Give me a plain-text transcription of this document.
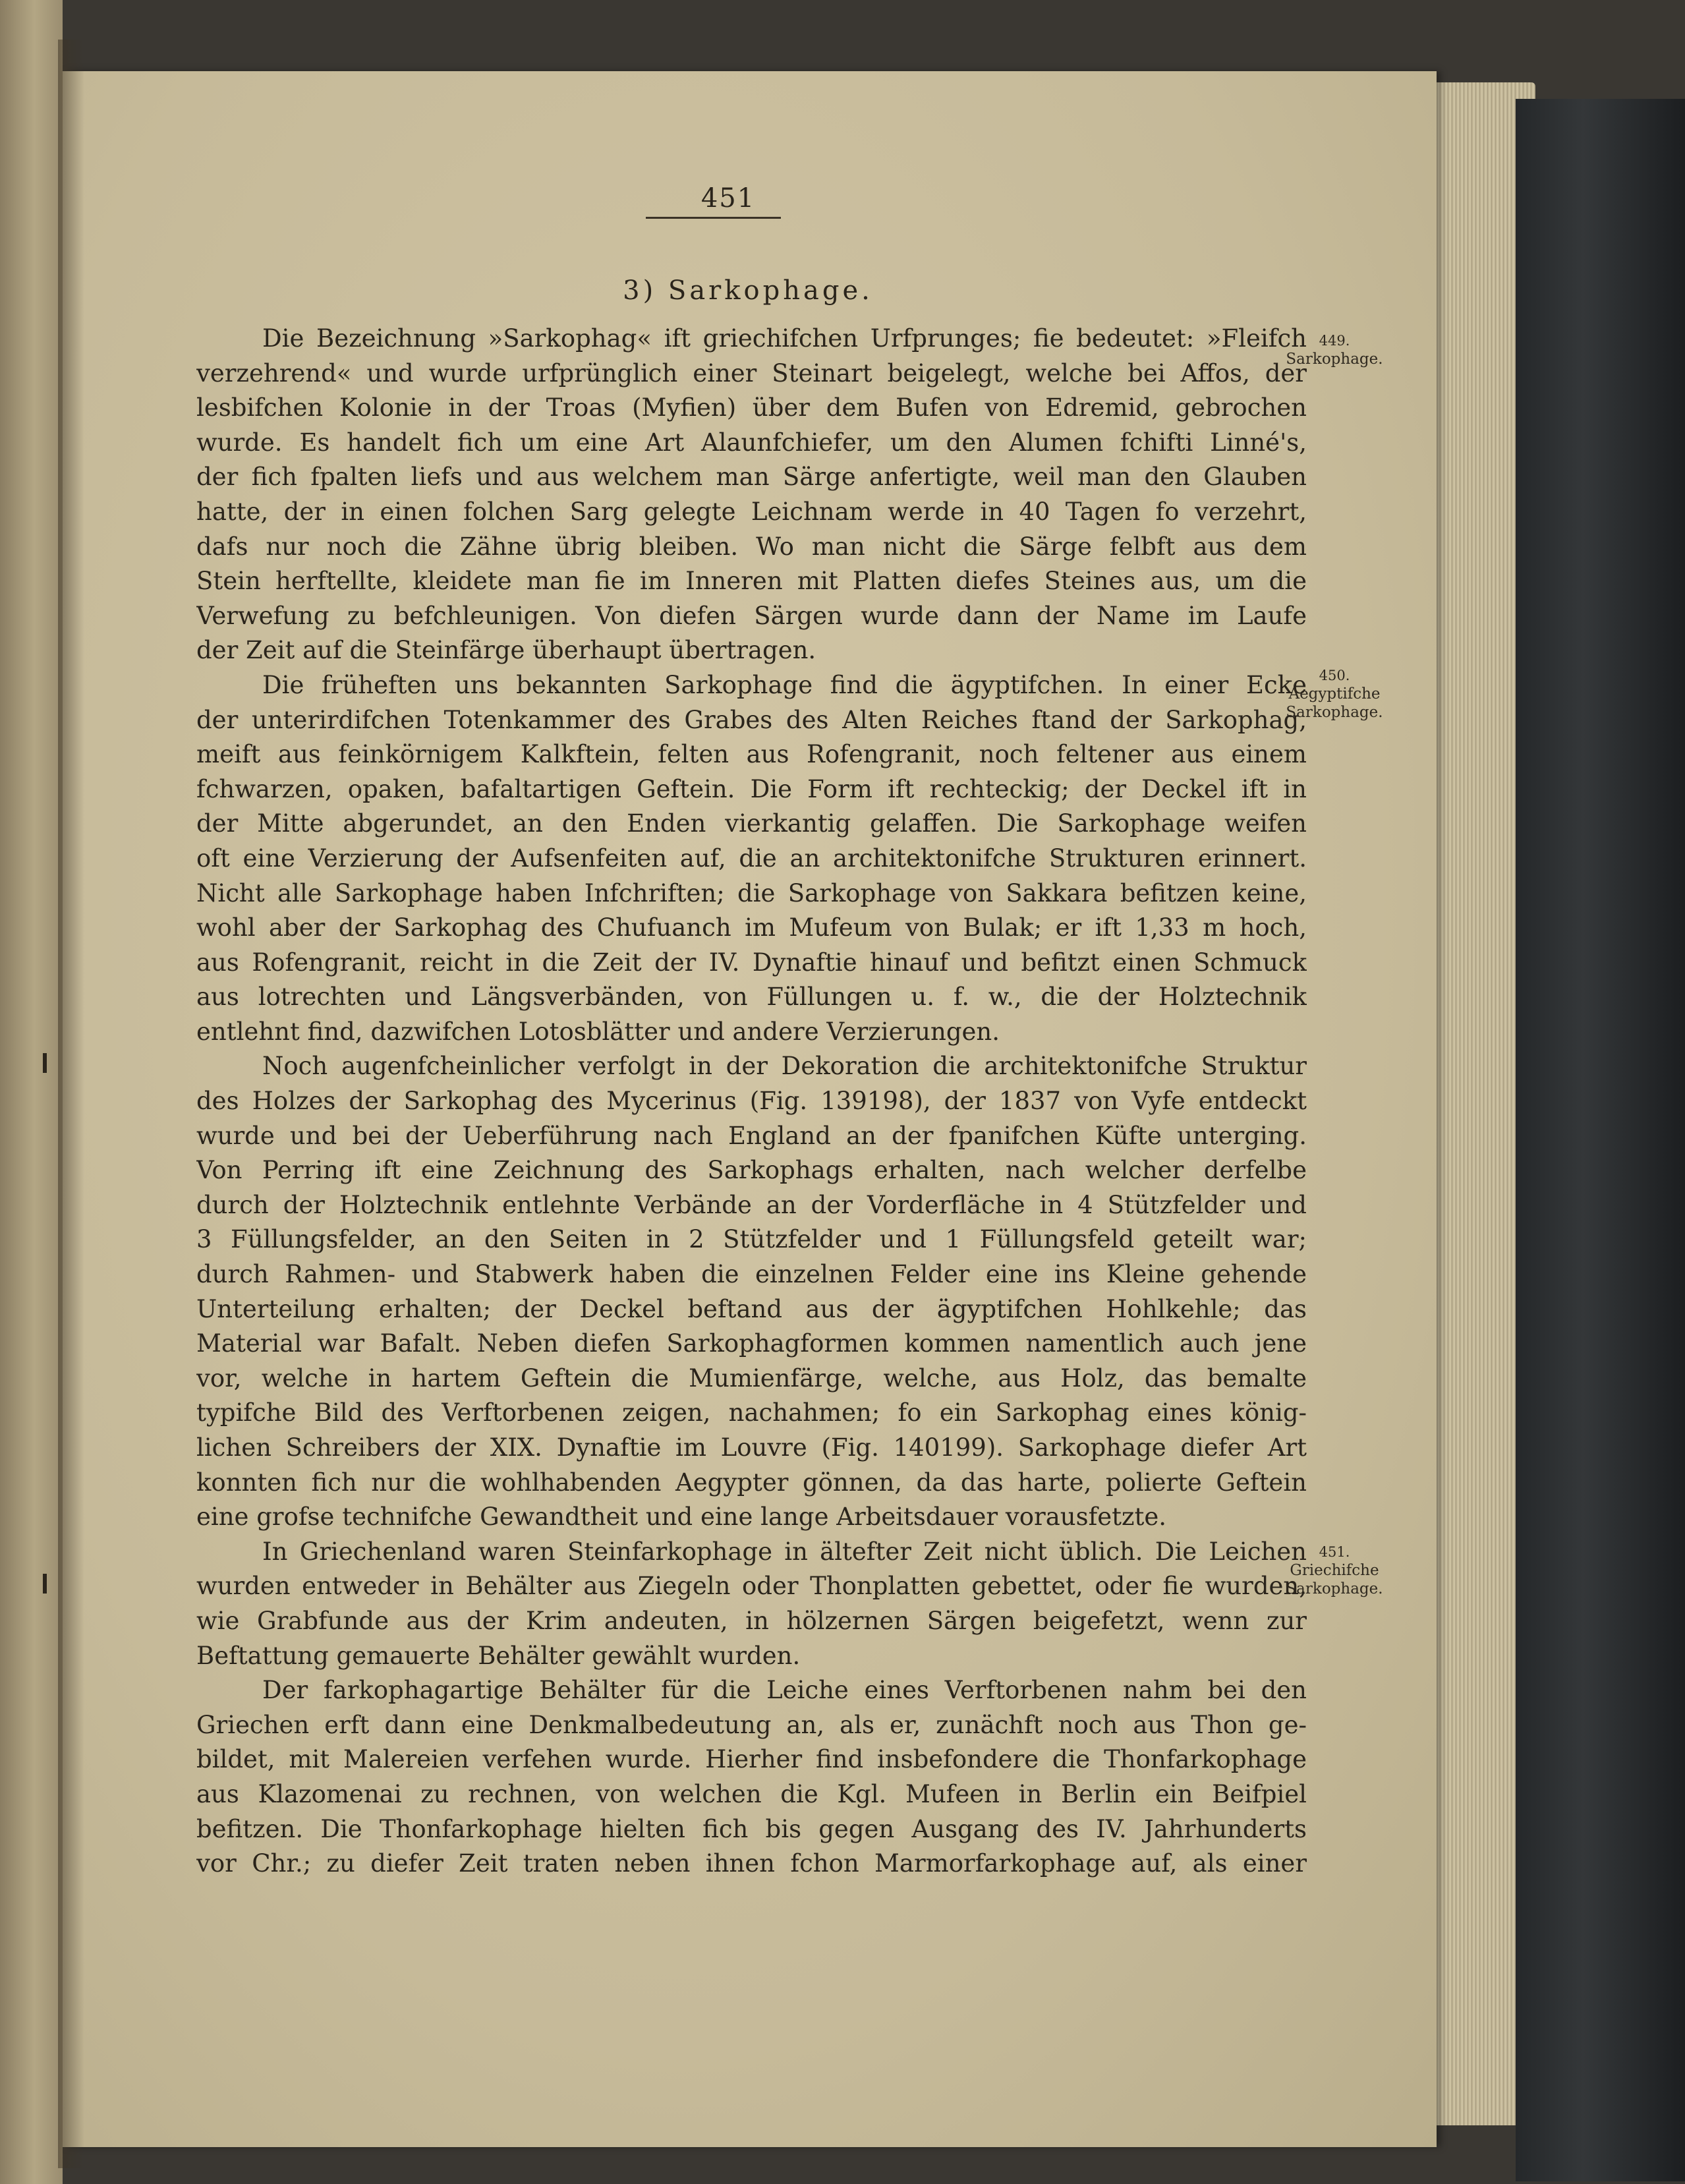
451
3) Sarkophage.
449.
Sarkophage.
450.
Aegyptifche
Sarkophage.
451.
Griechifche
Sarkophage.
Die Bezeichnung »Sarkophag« ift griechifchen Urfprunges; fie bedeutet: »Fleifch
verzehrend« und wurde urfprünglich einer Steinart beigelegt, welche bei Affos, der
lesbifchen Kolonie in der Troas (Myfien) über dem Bufen von Edremid, gebrochen
wurde. Es handelt fich um eine Art Alaunfchiefer, um den Alumen fchifti Linné's,
der fich fpalten liefs und aus welchem man Särge anfertigte, weil man den Glauben
hatte, der in einen folchen Sarg gelegte Leichnam werde in 40 Tagen fo verzehrt,
dafs nur noch die Zähne übrig bleiben. Wo man nicht die Särge felbft aus dem
Stein herftellte, kleidete man fie im Inneren mit Platten diefes Steines aus, um die
Verwefung zu befchleunigen. Von diefen Särgen wurde dann der Name im Laufe
der Zeit auf die Steinfärge überhaupt übertragen.
Die früheften uns bekannten Sarkophage find die ägyptifchen. In einer Ecke
der unterirdifchen Totenkammer des Grabes des Alten Reiches ftand der Sarkophag,
meift aus feinkörnigem Kalkftein, felten aus Rofengranit, noch feltener aus einem
fchwarzen, opaken, bafaltartigen Geftein. Die Form ift rechteckig; der Deckel ift in
der Mitte abgerundet, an den Enden vierkantig gelaffen. Die Sarkophage weifen
oft eine Verzierung der Aufsenfeiten auf, die an architektonifche Strukturen erinnert.
Nicht alle Sarkophage haben Infchriften; die Sarkophage von Sakkara befitzen keine,
wohl aber der Sarkophag des Chufuanch im Mufeum von Bulak; er ift 1,33 m hoch,
aus Rofengranit, reicht in die Zeit der IV. Dynaftie hinauf und befitzt einen Schmuck
aus lotrechten und Längsverbänden, von Füllungen u. f. w., die der Holztechnik
entlehnt find, dazwifchen Lotosblätter und andere Verzierungen.
Noch augenfcheinlicher verfolgt in der Dekoration die architektonifche Struktur
des Holzes der Sarkophag des Mycerinus (Fig. 139198), der 1837 von Vyfe entdeckt
wurde und bei der Ueberführung nach England an der fpanifchen Küfte unterging.
Von Perring ift eine Zeichnung des Sarkophags erhalten, nach welcher derfelbe
durch der Holztechnik entlehnte Verbände an der Vorderfläche in 4 Stützfelder und
3 Füllungsfelder, an den Seiten in 2 Stützfelder und 1 Füllungsfeld geteilt war;
durch Rahmen- und Stabwerk haben die einzelnen Felder eine ins Kleine gehende
Unterteilung erhalten; der Deckel beftand aus der ägyptifchen Hohlkehle; das
Material war Bafalt. Neben diefen Sarkophagformen kommen namentlich auch jene
vor, welche in hartem Geftein die Mumienfärge, welche, aus Holz, das bemalte
typifche Bild des Verftorbenen zeigen, nachahmen; fo ein Sarkophag eines könig-
lichen Schreibers der XIX. Dynaftie im Louvre (Fig. 140199). Sarkophage diefer Art
konnten fich nur die wohlhabenden Aegypter gönnen, da das harte, polierte Geftein
eine grofse technifche Gewandtheit und eine lange Arbeitsdauer vorausfetzte.
In Griechenland waren Steinfarkophage in ältefter Zeit nicht üblich. Die Leichen
wurden entweder in Behälter aus Ziegeln oder Thonplatten gebettet, oder fie wurden,
wie Grabfunde aus der Krim andeuten, in hölzernen Särgen beigefetzt, wenn zur
Beftattung gemauerte Behälter gewählt wurden.
Der farkophagartige Behälter für die Leiche eines Verftorbenen nahm bei den
Griechen erft dann eine Denkmalbedeutung an, als er, zunächft noch aus Thon ge-
bildet, mit Malereien verfehen wurde. Hierher find insbefondere die Thonfarkophage
aus Klazomenai zu rechnen, von welchen die Kgl. Mufeen in Berlin ein Beifpiel
befitzen. Die Thonfarkophage hielten fich bis gegen Ausgang des IV. Jahrhunderts
vor Chr.; zu diefer Zeit traten neben ihnen fchon Marmorfarkophage auf, als einer
